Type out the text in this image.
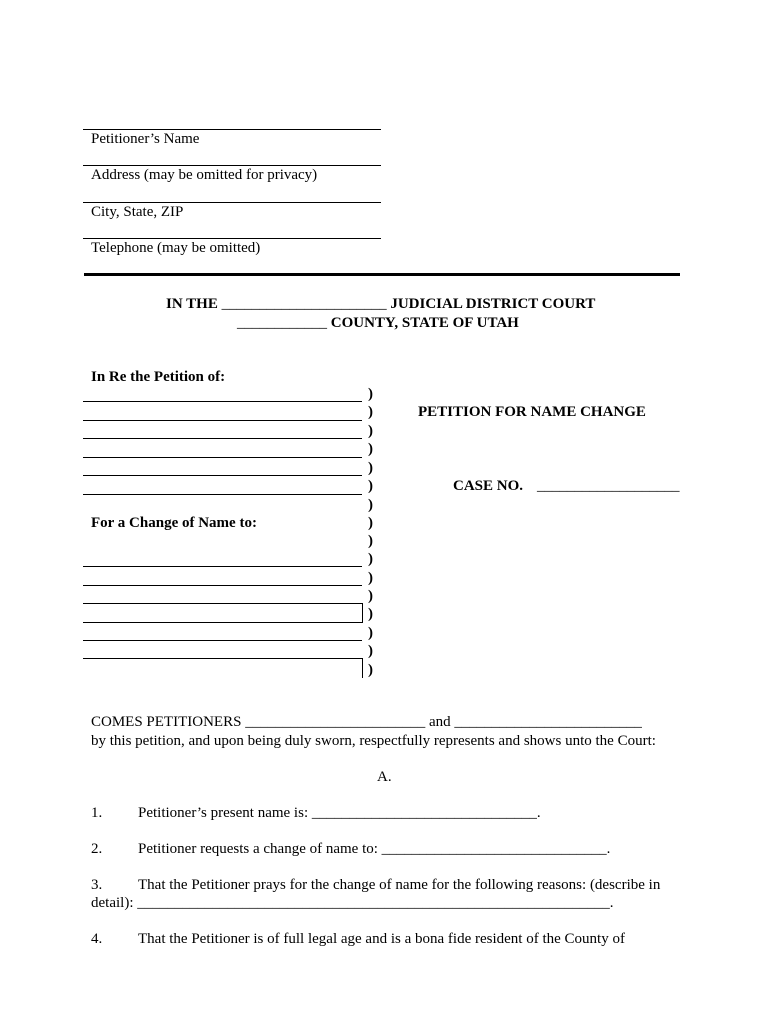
Petitioner’s Name
Address (may be omitted for privacy)
City, State, ZIP
Telephone (may be omitted)
IN THE ______________________ JUDICIAL DISTRICT COURT
____________ COUNTY, STATE OF UTAH
In Re the Petition of:
For a Change of Name to:
)
)
)
)
)
)
)
)
)
)
)
)
)
)
)
)
PETITION FOR NAME CHANGE
CASE NO. ___________________
COMES PETITIONERS ________________________ and _________________________
by this petition, and upon being duly sworn, respectfully represents and shows unto the Court:
A.
1. Petitioner’s present name is: ______________________________.
2. Petitioner requests a change of name to: ______________________________.
3. That the Petitioner prays for the change of name for the following reasons: (describe in
detail): _______________________________________________________________.
4. That the Petitioner is of full legal age and is a bona fide resident of the County of
